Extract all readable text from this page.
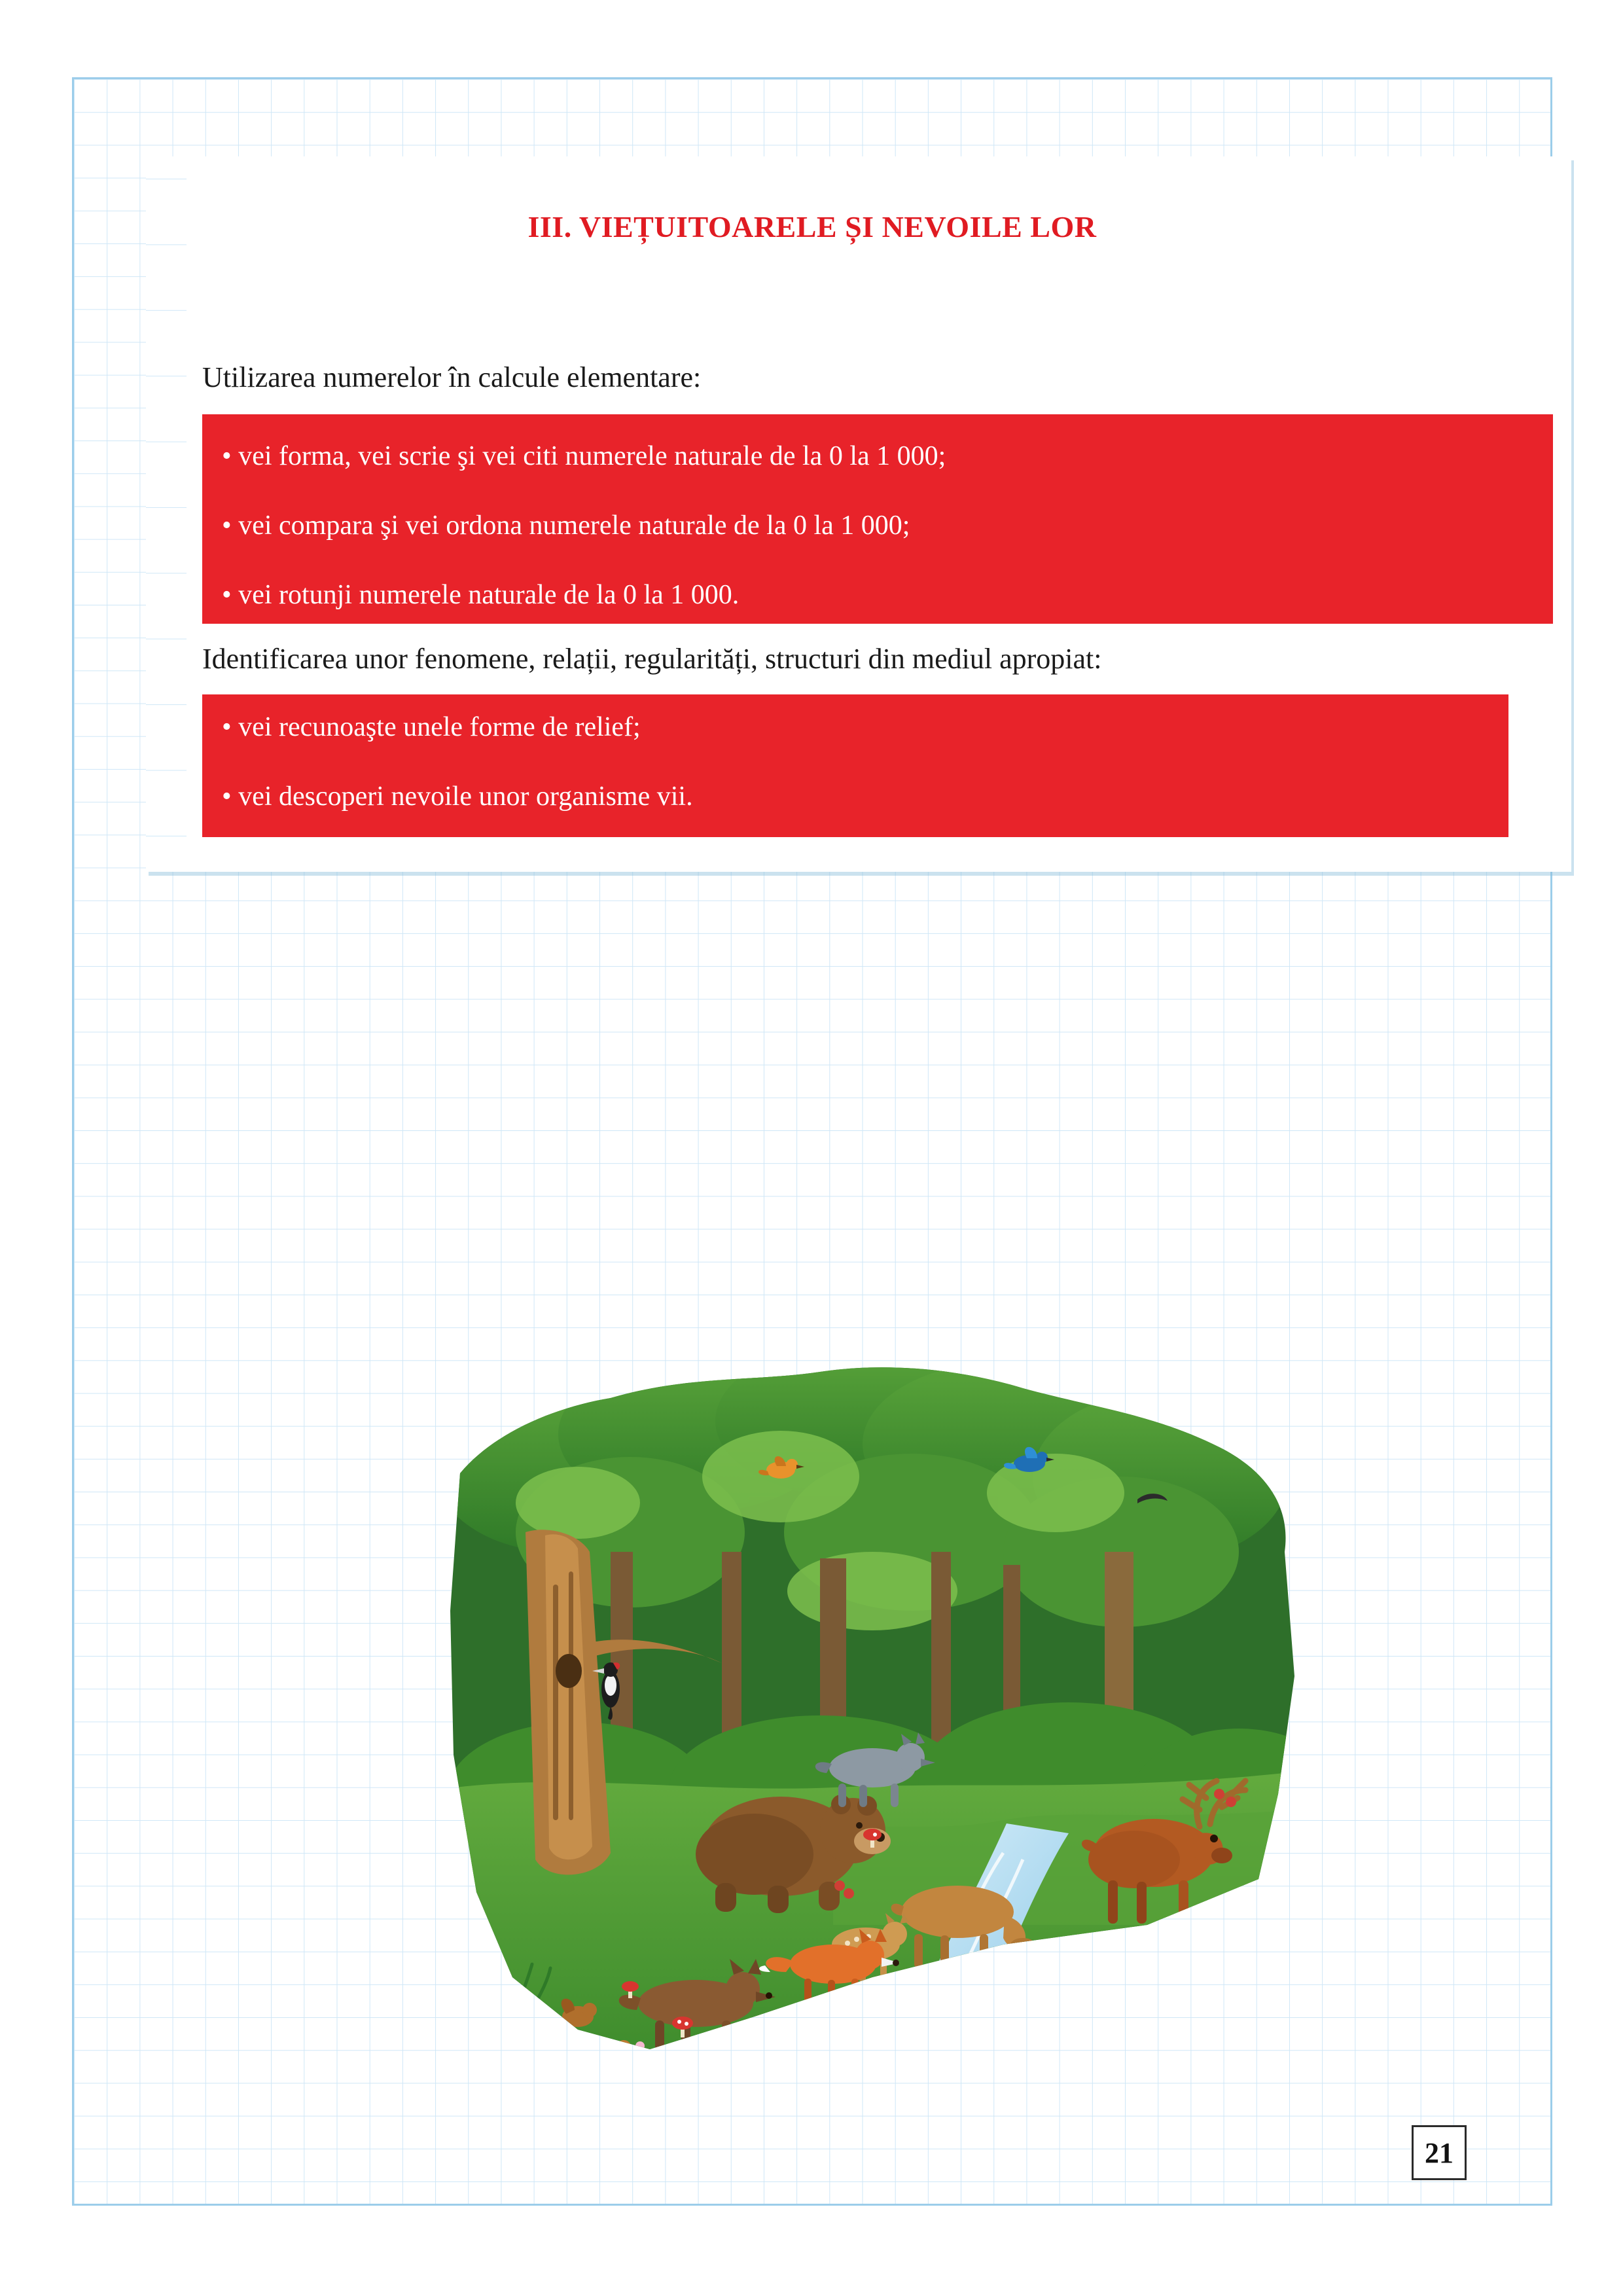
III. VIEȚUITOARELE ȘI NEVOILE LOR
Utilizarea numerelor în calcule elementare:
• vei forma, vei scrie şi vei citi numerele naturale de la 0 la 1 000;
• vei compara şi vei ordona numerele naturale de la 0 la 1 000;
• vei rotunji numerele naturale de la 0 la 1 000.
Identificarea unor fenomene, relații, regularități, structuri din mediul apropiat:
• vei recunoaşte unele forme de relief;
• vei descoperi nevoile unor organisme vii.
21
